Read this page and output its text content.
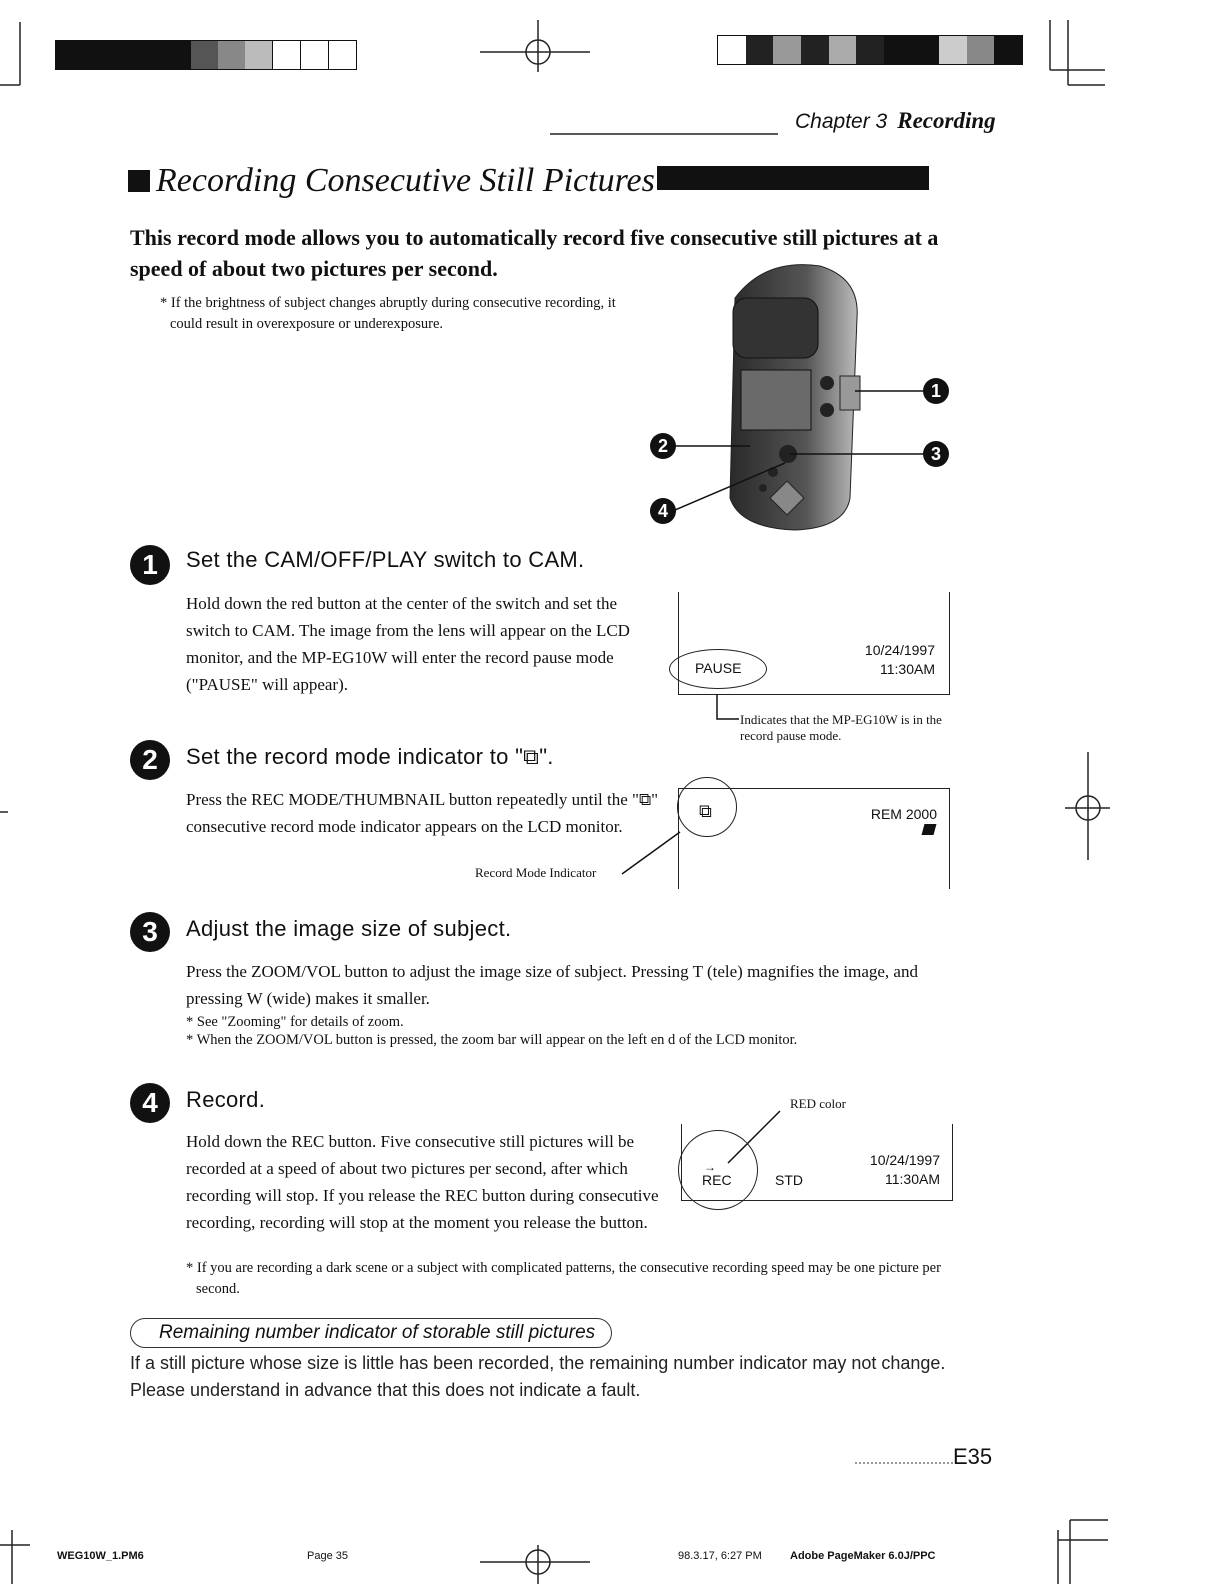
Chapter 3 Recording
Recording Consecutive Still Pictures
This record mode allows you to automatically record five consecutive still pictures at a speed of about two pictures per second.
* If the brightness of subject changes abruptly during consecutive recording, it could result in overexposure or underexposure.
1
2	3
4
1	Set the CAM/OFF/PLAY switch to CAM.
Hold down the red button at the center of the switch and set the switch to CAM. The image from the lens will appear on the LCD monitor, and the MP-EG10W will enter the record pause mode ("PAUSE" will appear).
PAUSE
10/24/1997
11:30AM
Indicates that the MP-EG10W is in the record pause mode.
2	Set the record mode indicator to "⧉".
Press the REC MODE/THUMBNAIL button repeatedly until the "⧉" consecutive record mode indicator appears on the LCD monitor.
⧉	REM 2000
Record Mode Indicator
3	Adjust the image size of subject.
Press the ZOOM/VOL button to adjust the image size of subject. Pressing T (tele) magnifies the image, and pressing W (wide) makes it smaller.
* See "Zooming" for details of zoom.
* When the ZOOM/VOL button is pressed, the zoom bar will appear on the left en d of the LCD monitor.
4	Record.
Hold down the REC button. Five consecutive still pictures will be recorded at a speed of about two pictures per second, after which recording will stop. If you release the REC button during consecutive recording, recording will stop at the moment you release the button.
* If you are recording a dark scene or a subject with complicated patterns, the consecutive recording speed may be one picture per second.
RED color
→
REC	STD
10/24/1997
11:30AM
Remaining number indicator of storable still pictures
If a still picture whose size is little has been recorded, the remaining number indicator may not change. Please understand in advance that this does not indicate a fault.
E35
WEG10W_1.PM6	Page 35	98.3.17, 6:27 PM	Adobe PageMaker 6.0J/PPC
